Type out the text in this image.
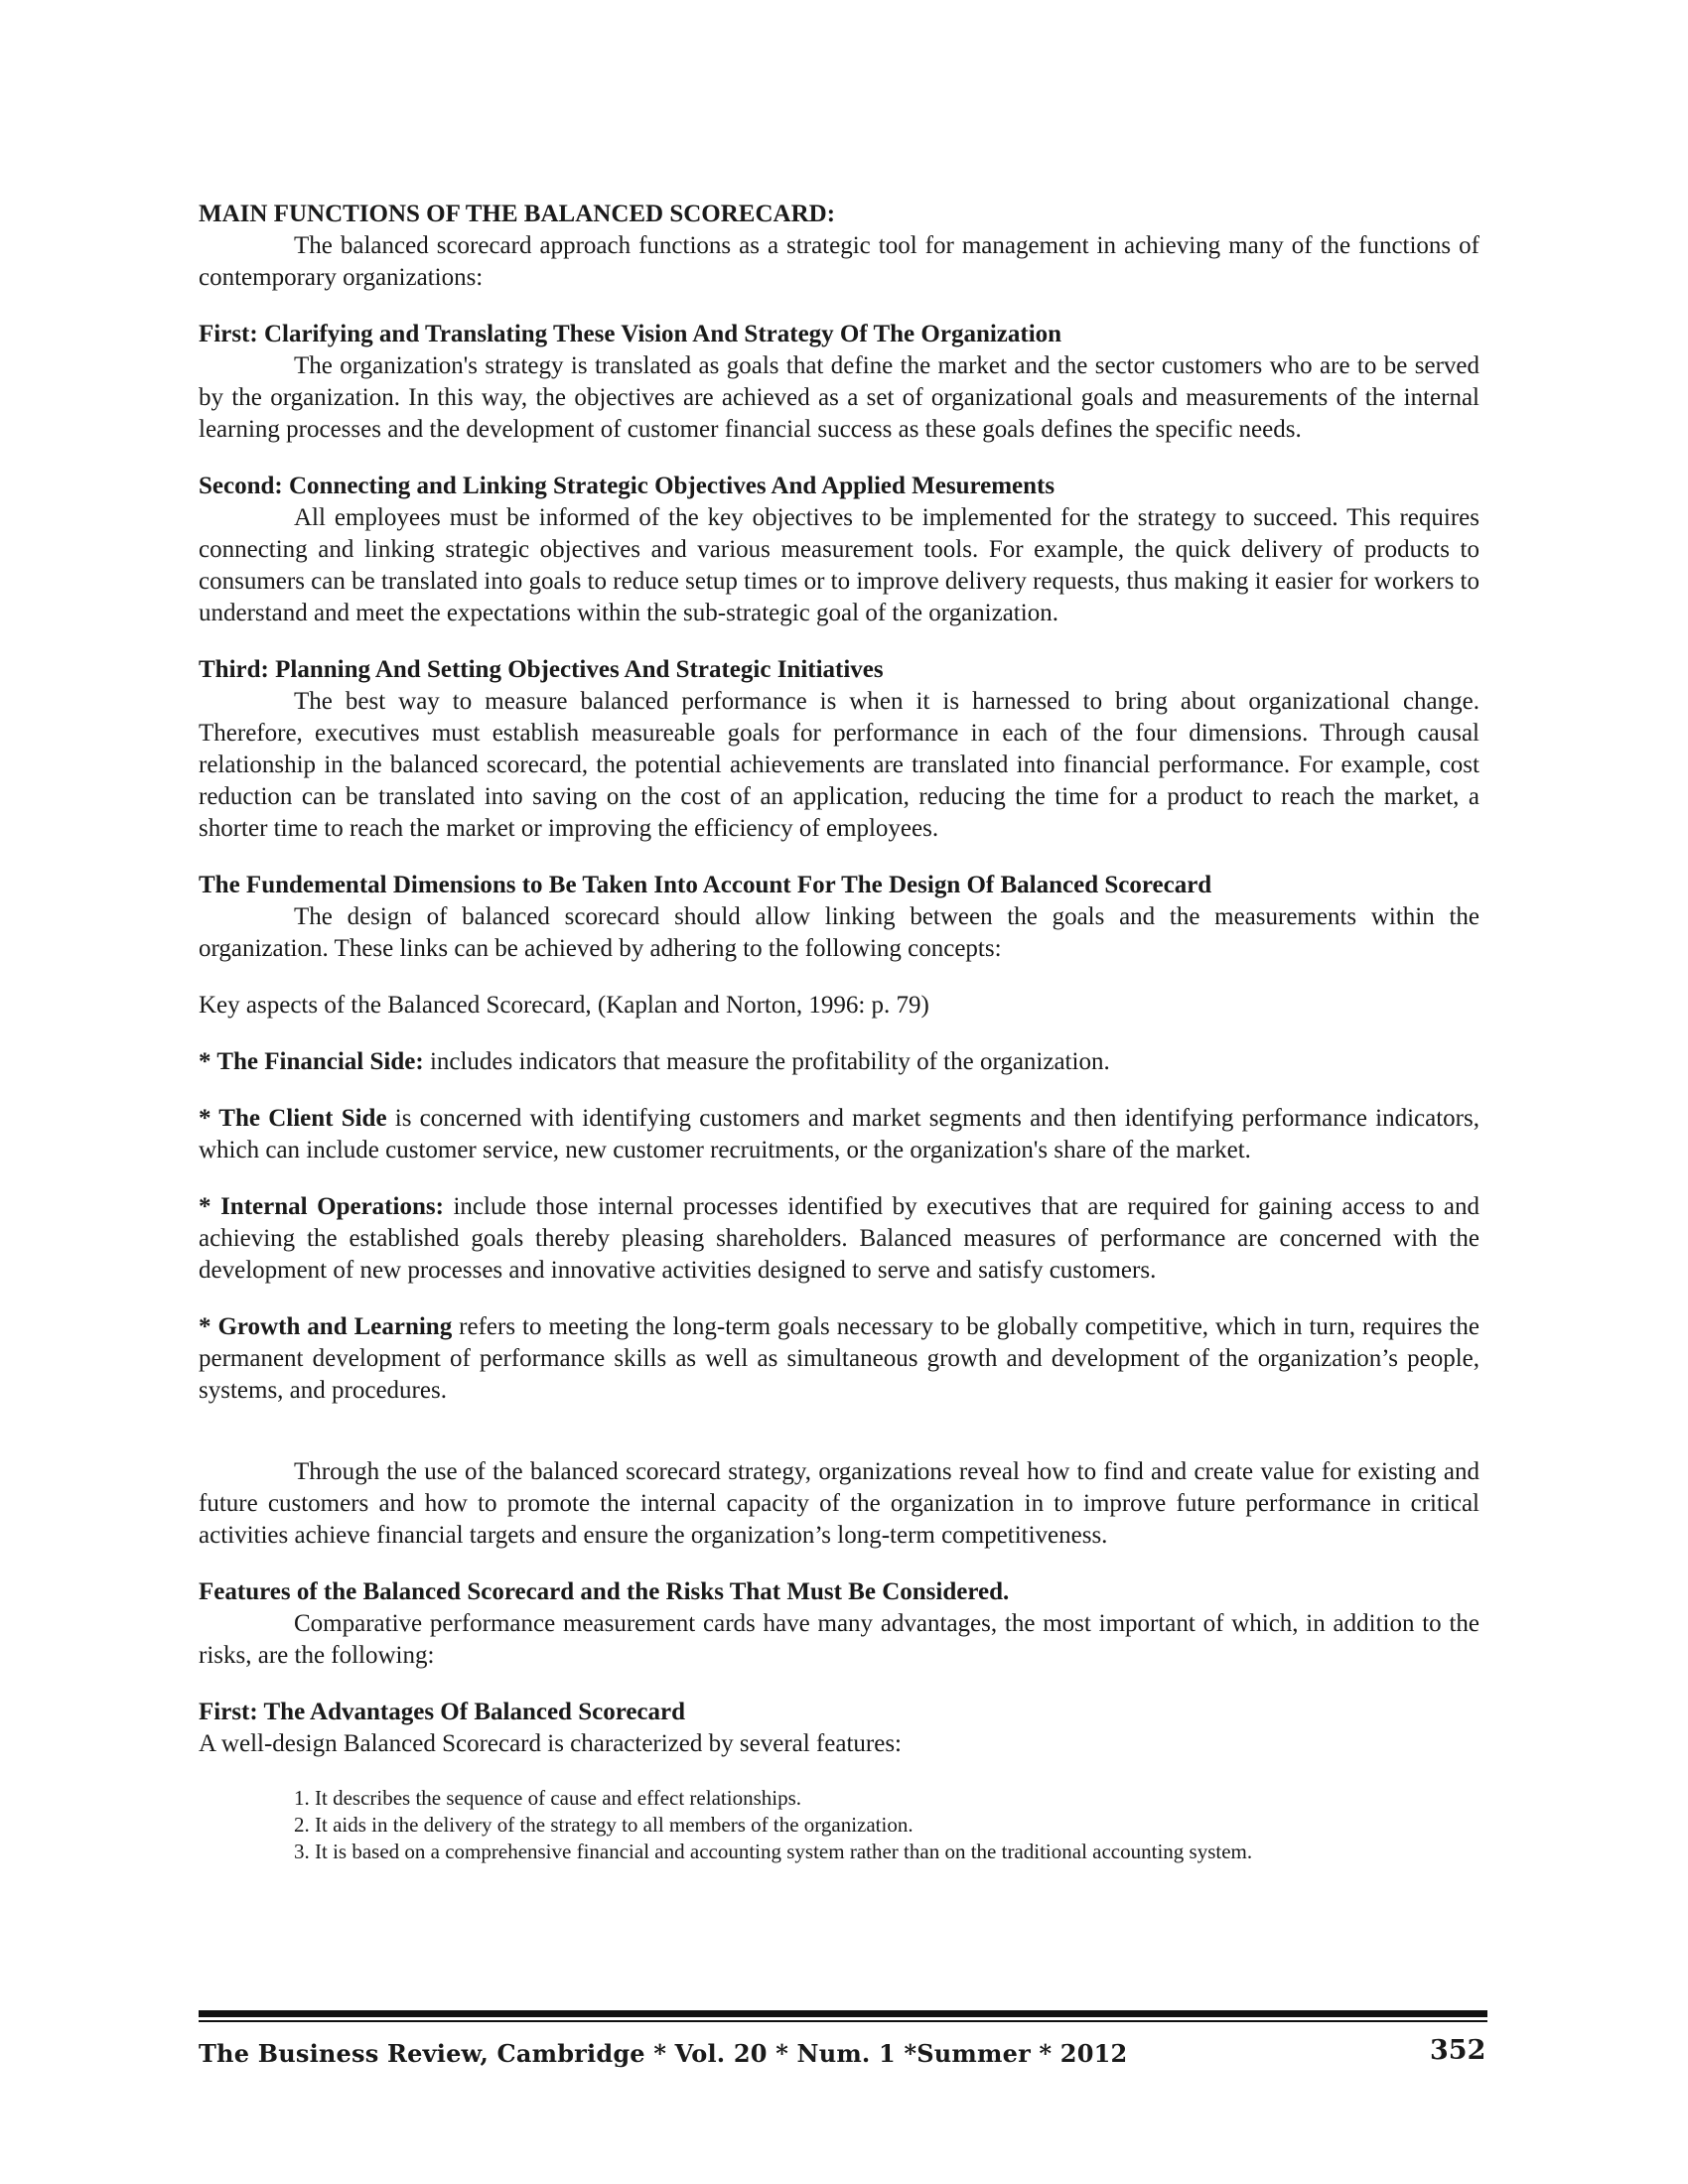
MAIN FUNCTIONS OF THE BALANCED SCORECARD:

The balanced scorecard approach functions as a strategic tool for management in achieving many of the functions of contemporary organizations:

First: Clarifying and Translating These Vision And Strategy Of The Organization

The organization's strategy is translated as goals that define the market and the sector customers who are to be served by the organization. In this way, the objectives are achieved as a set of organizational goals and measurements of the internal learning processes and the development of customer financial success as these goals defines the specific needs.

Second: Connecting and Linking Strategic Objectives And Applied Mesurements

All employees must be informed of the key objectives to be implemented for the strategy to succeed. This requires connecting and linking strategic objectives and various measurement tools. For example, the quick delivery of products to consumers can be translated into goals to reduce setup times or to improve delivery requests, thus making it easier for workers to understand and meet the expectations within the sub-strategic goal of the organization.

Third: Planning And Setting Objectives And Strategic Initiatives

The best way to measure balanced performance is when it is harnessed to bring about organizational change. Therefore, executives must establish measureable goals for performance in each of the four dimensions. Through causal relationship in the balanced scorecard, the potential achievements are translated into financial performance. For example, cost reduction can be translated into saving on the cost of an application, reducing the time for a product to reach the market, a shorter time to reach the market or improving the efficiency of employees.

The Fundemental Dimensions to Be Taken Into Account For The Design Of Balanced Scorecard

The design of balanced scorecard should allow linking between the goals and the measurements within the organization. These links can be achieved by adhering to the following concepts:

Key aspects of the Balanced Scorecard, (Kaplan and Norton, 1996: p. 79)

* The Financial Side: includes indicators that measure the profitability of the organization.

* The Client Side is concerned with identifying customers and market segments and then identifying performance indicators, which can include customer service, new customer recruitments, or the organization's share of the market.

* Internal Operations: include those internal processes identified by executives that are required for gaining access to and achieving the established goals thereby pleasing shareholders. Balanced measures of performance are concerned with the development of new processes and innovative activities designed to serve and satisfy customers.

* Growth and Learning refers to meeting the long-term goals necessary to be globally competitive, which in turn, requires the permanent development of performance skills as well as simultaneous growth and development of the organization’s people, systems, and procedures.

Through the use of the balanced scorecard strategy, organizations reveal how to find and create value for existing and future customers and how to promote the internal capacity of the organization in to improve future performance in critical activities achieve financial targets and ensure the organization’s long-term competitiveness.

Features of the Balanced Scorecard and the Risks That Must Be Considered.

Comparative performance measurement cards have many advantages, the most important of which, in addition to the risks, are the following:

First: The Advantages Of Balanced Scorecard

A well-design Balanced Scorecard is characterized by several features:

1. It describes the sequence of cause and effect relationships.
2. It aids in the delivery of the strategy to all members of the organization.
3. It is based on a comprehensive financial and accounting system rather than on the traditional accounting system.
The Business Review, Cambridge * Vol. 20 * Num. 1 *Summer * 2012	352
